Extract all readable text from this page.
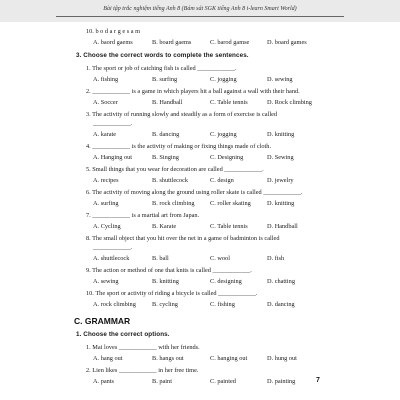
Bài tập trắc nghiệm tiếng Anh 8 (Bám sát SGK tiếng Anh 8 i-learn Smart World)
10. b o d a r g e s a m
A. baord gaems	B. board gaems	C. barod gamse	D. board games
3. Choose the correct words to complete the sentences.
1. The sport or job of catching fish is called ____________.
A. fishing	B. surfing	C. jogging	D. sewing
2. ____________ is a game in which players hit a ball against a wall with their hand.
A. Soccer	B. Handball	C. Table tennis	D. Rock climbing
3. The activity of running slowly and steadily as a form of exercise is called
____________.
A. karate	B. dancing	C. jogging	D. knitting
4. ____________ is the activity of making or fixing things made of cloth.
A. Hanging out	B. Singing	C. Designing	D. Sewing
5. Small things that you wear for decoration are called ____________.
A. recipes	B. shuttlecock	C. design	D. jewelry
6. The activity of moving along the ground using roller skate is called ____________.
A. surfing	B. rock climbing C. roller skating	D. knitting
7. ____________ is a martial art from Japan.
A. Cycling	B. Karate	C. Table tennis	D. Handball
8. The small object that you hit over the net in a game of badminton is called
____________.
A. shuttlecock	B. ball	C. wool	D. fish
9. The action or method of one that knits is called ____________.
A. sewing	B. knitting	C. designing	D. chatting
10. The sport or activity of riding a bicycle is called ____________.
A. rock climbing	B. cycling	C. fishing	D. dancing
C. GRAMMAR
1. Choose the correct options.
1. Mai loves ____________ with her friends.
A. hang out	B. hangs out	C. hanging out	D. hung out
2. Lien likes ____________ in her free time.
A. pants	B. paint	C. painted	D. painting	7
